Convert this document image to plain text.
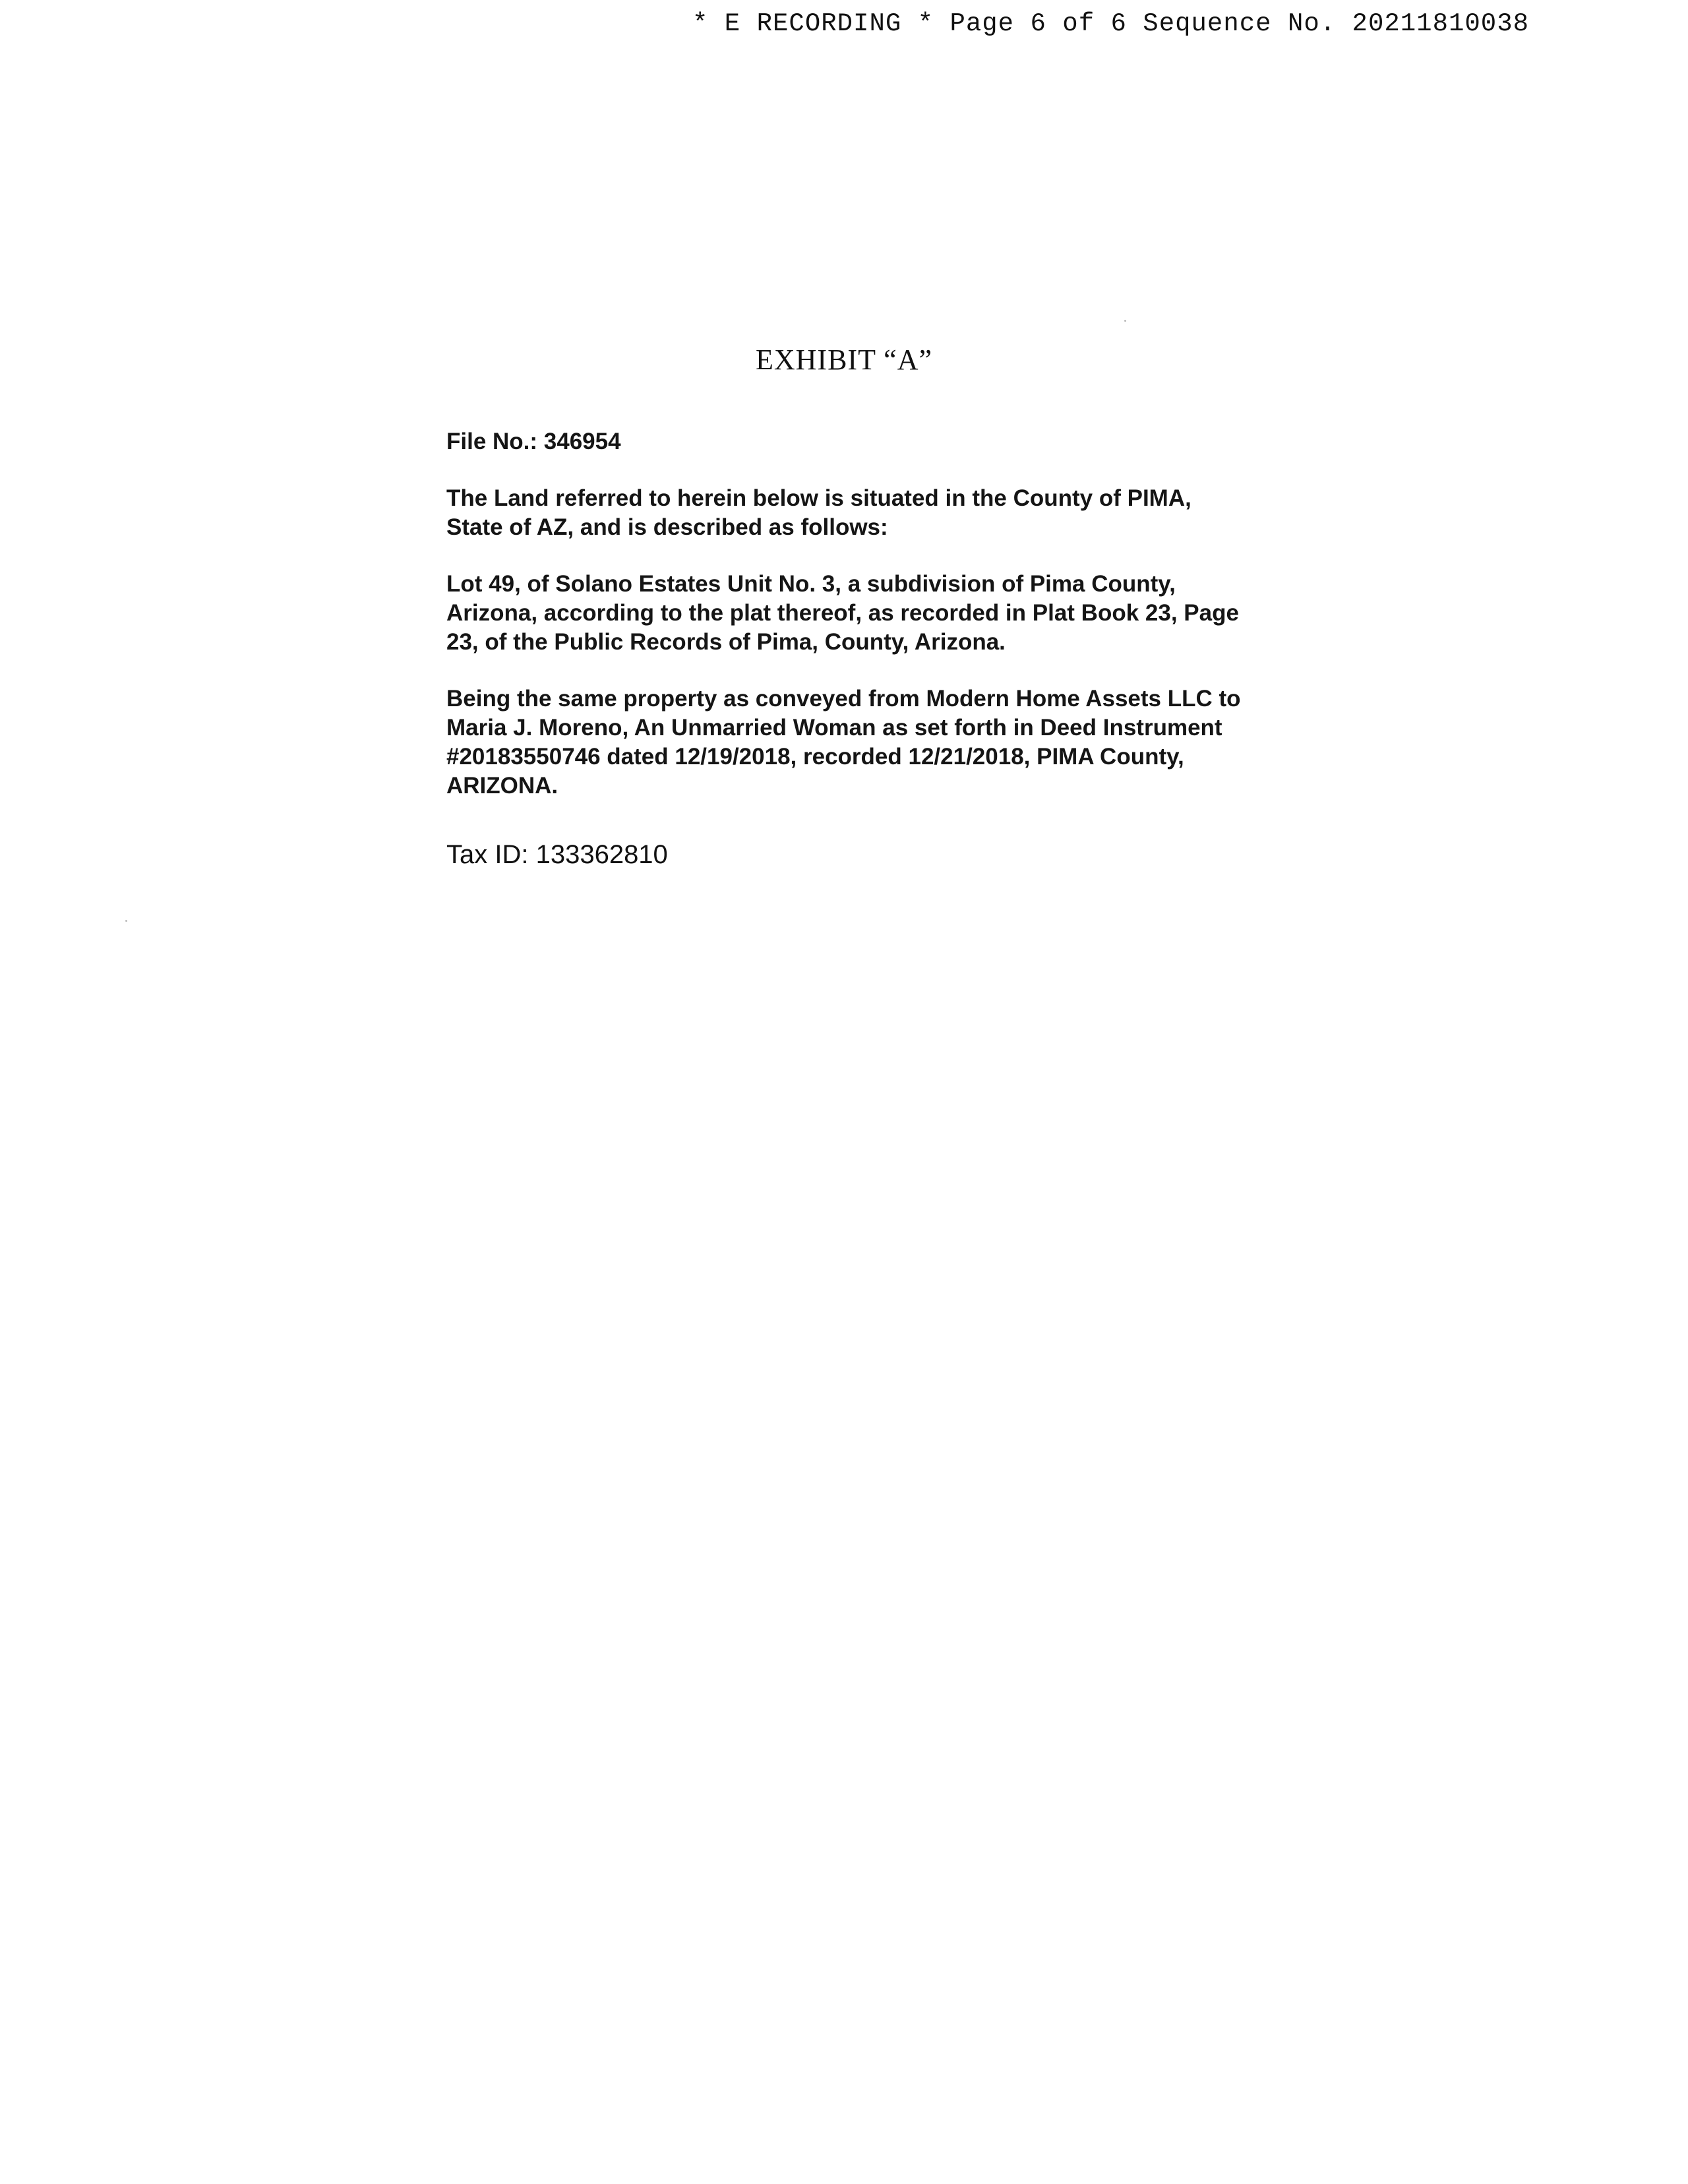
* E RECORDING * Page 6 of 6 Sequence No. 20211810038
EXHIBIT “A”

File No.: 346954

The Land referred to herein below is situated in the County of PIMA,
State of AZ, and is described as follows:

Lot 49, of Solano Estates Unit No. 3, a subdivision of Pima County,
Arizona, according to the plat thereof, as recorded in Plat Book 23, Page
23, of the Public Records of Pima, County, Arizona.

Being the same property as conveyed from Modern Home Assets LLC to
Maria J. Moreno, An Unmarried Woman as set forth in Deed Instrument
#20183550746 dated 12/19/2018, recorded 12/21/2018, PIMA County,
ARIZONA.

Tax ID: 133362810
